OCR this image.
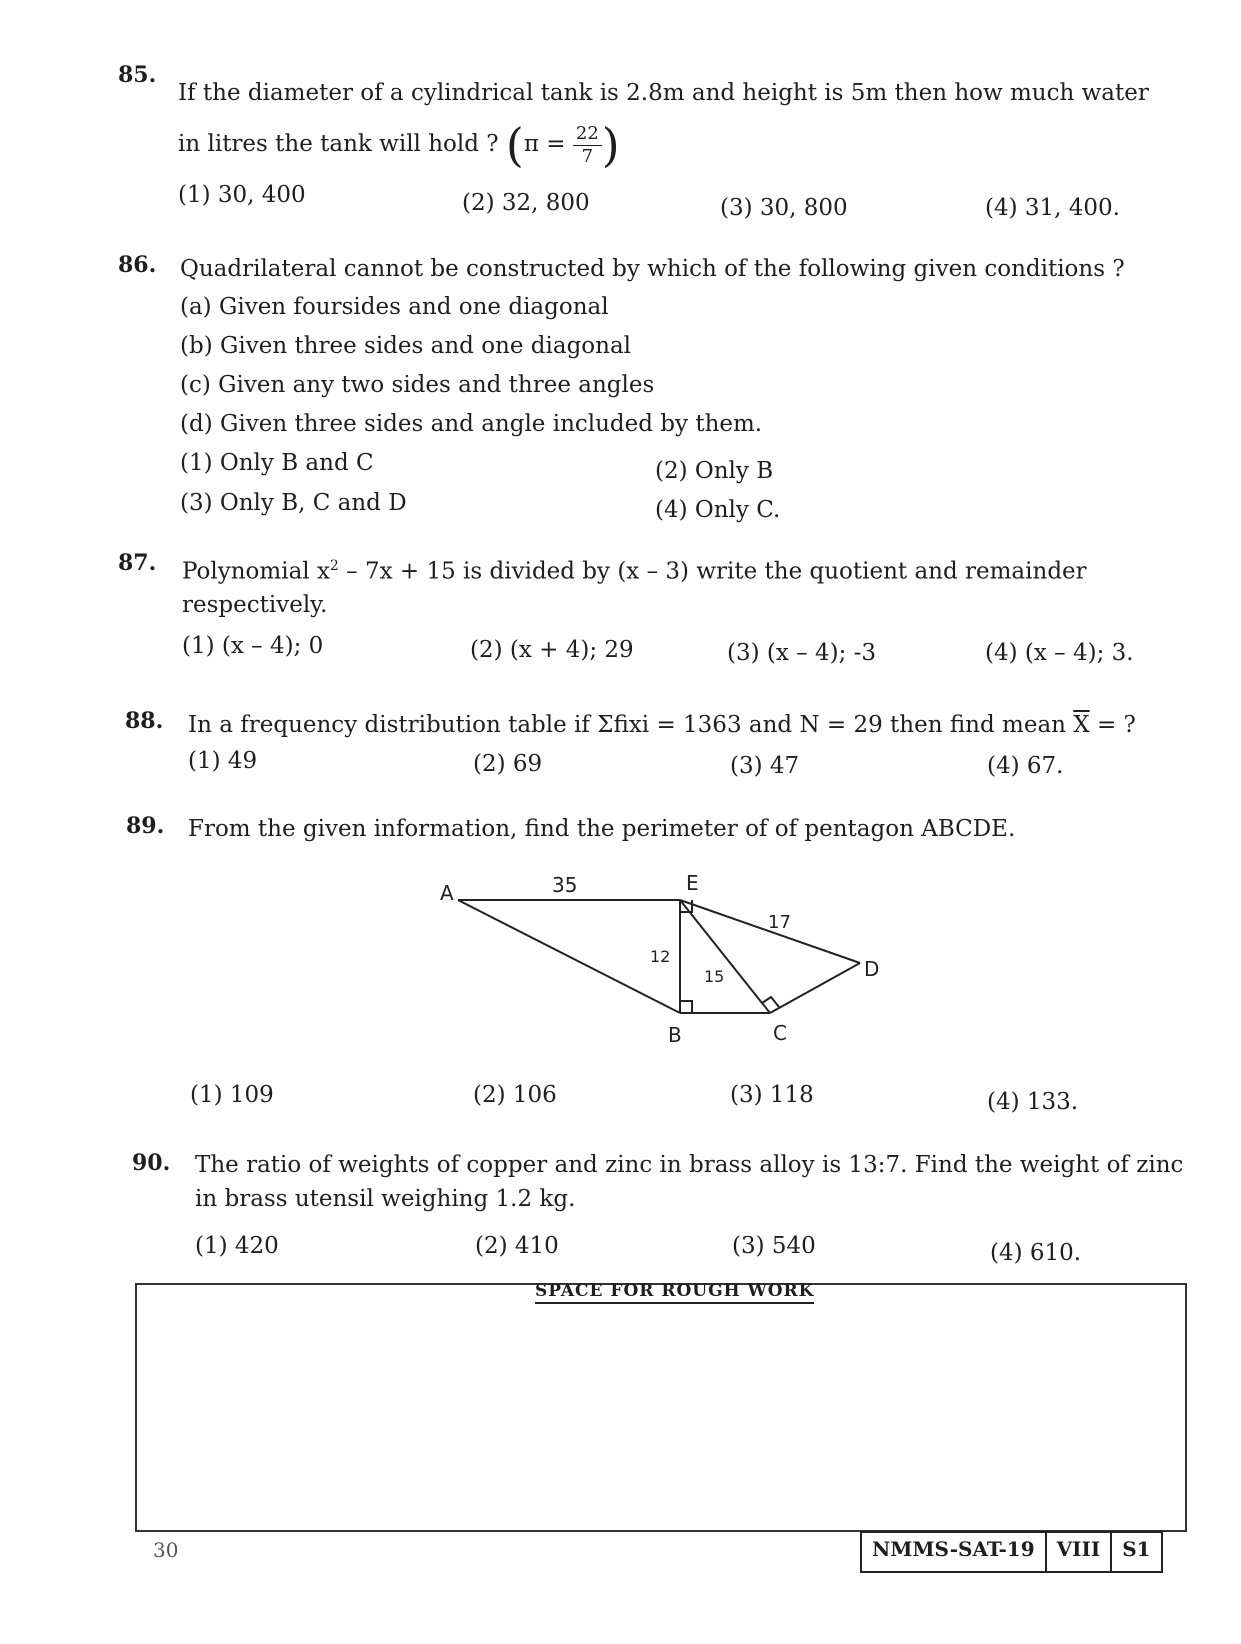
85.
If the diameter of a cylindrical tank is 2.8m and height is 5m then how much water
in litres the tank will hold ? ($\pi = \frac{22}{7}$ )
(1) 30, 400	(2) 32, 800	(3) 30, 800	(4) 31, 400.
86. Quadrilateral cannot be constructed by which of the following given conditions ?
(a) Given foursides and one diagonal
(b) Given three sides and one diagonal
(c) Given any two sides and three angles
(d) Given three sides and angle included by them.
(1) Only B and C	(2) Only B
(3) Only B, C and D	(4) Only C.
87. Polynomial $x^2 - 7x + 15$ is divided by (x – 3) write the quotient and remainder
respectively.
(1) (x – 4); 0	(2) (x + 4); 29	(3) (x – 4); -3	(4) (x – 4); 3.
88. In a frequency distribution table if Σfixi = 1363 and N = 29 then find mean $\overline{X}$ = ?
(1) 49	(2) 69	(3) 47	(4) 67.
89. From the given information, find the perimeter of of pentagon ABCDE.
A	E
B	C
D
35
12
15
17
(1) 109	(2) 106	(3) 118	(4) 133.
90. The ratio of weights of copper and zinc in brass alloy is 13:7. Find the weight of zinc
in brass utensil weighing 1.2 kg.
(1) 420	(2) 410	(3) 540	(4) 610.
SPACE FOR ROUGH WORK
30	NMMS-SAT-19	VIII	S1
